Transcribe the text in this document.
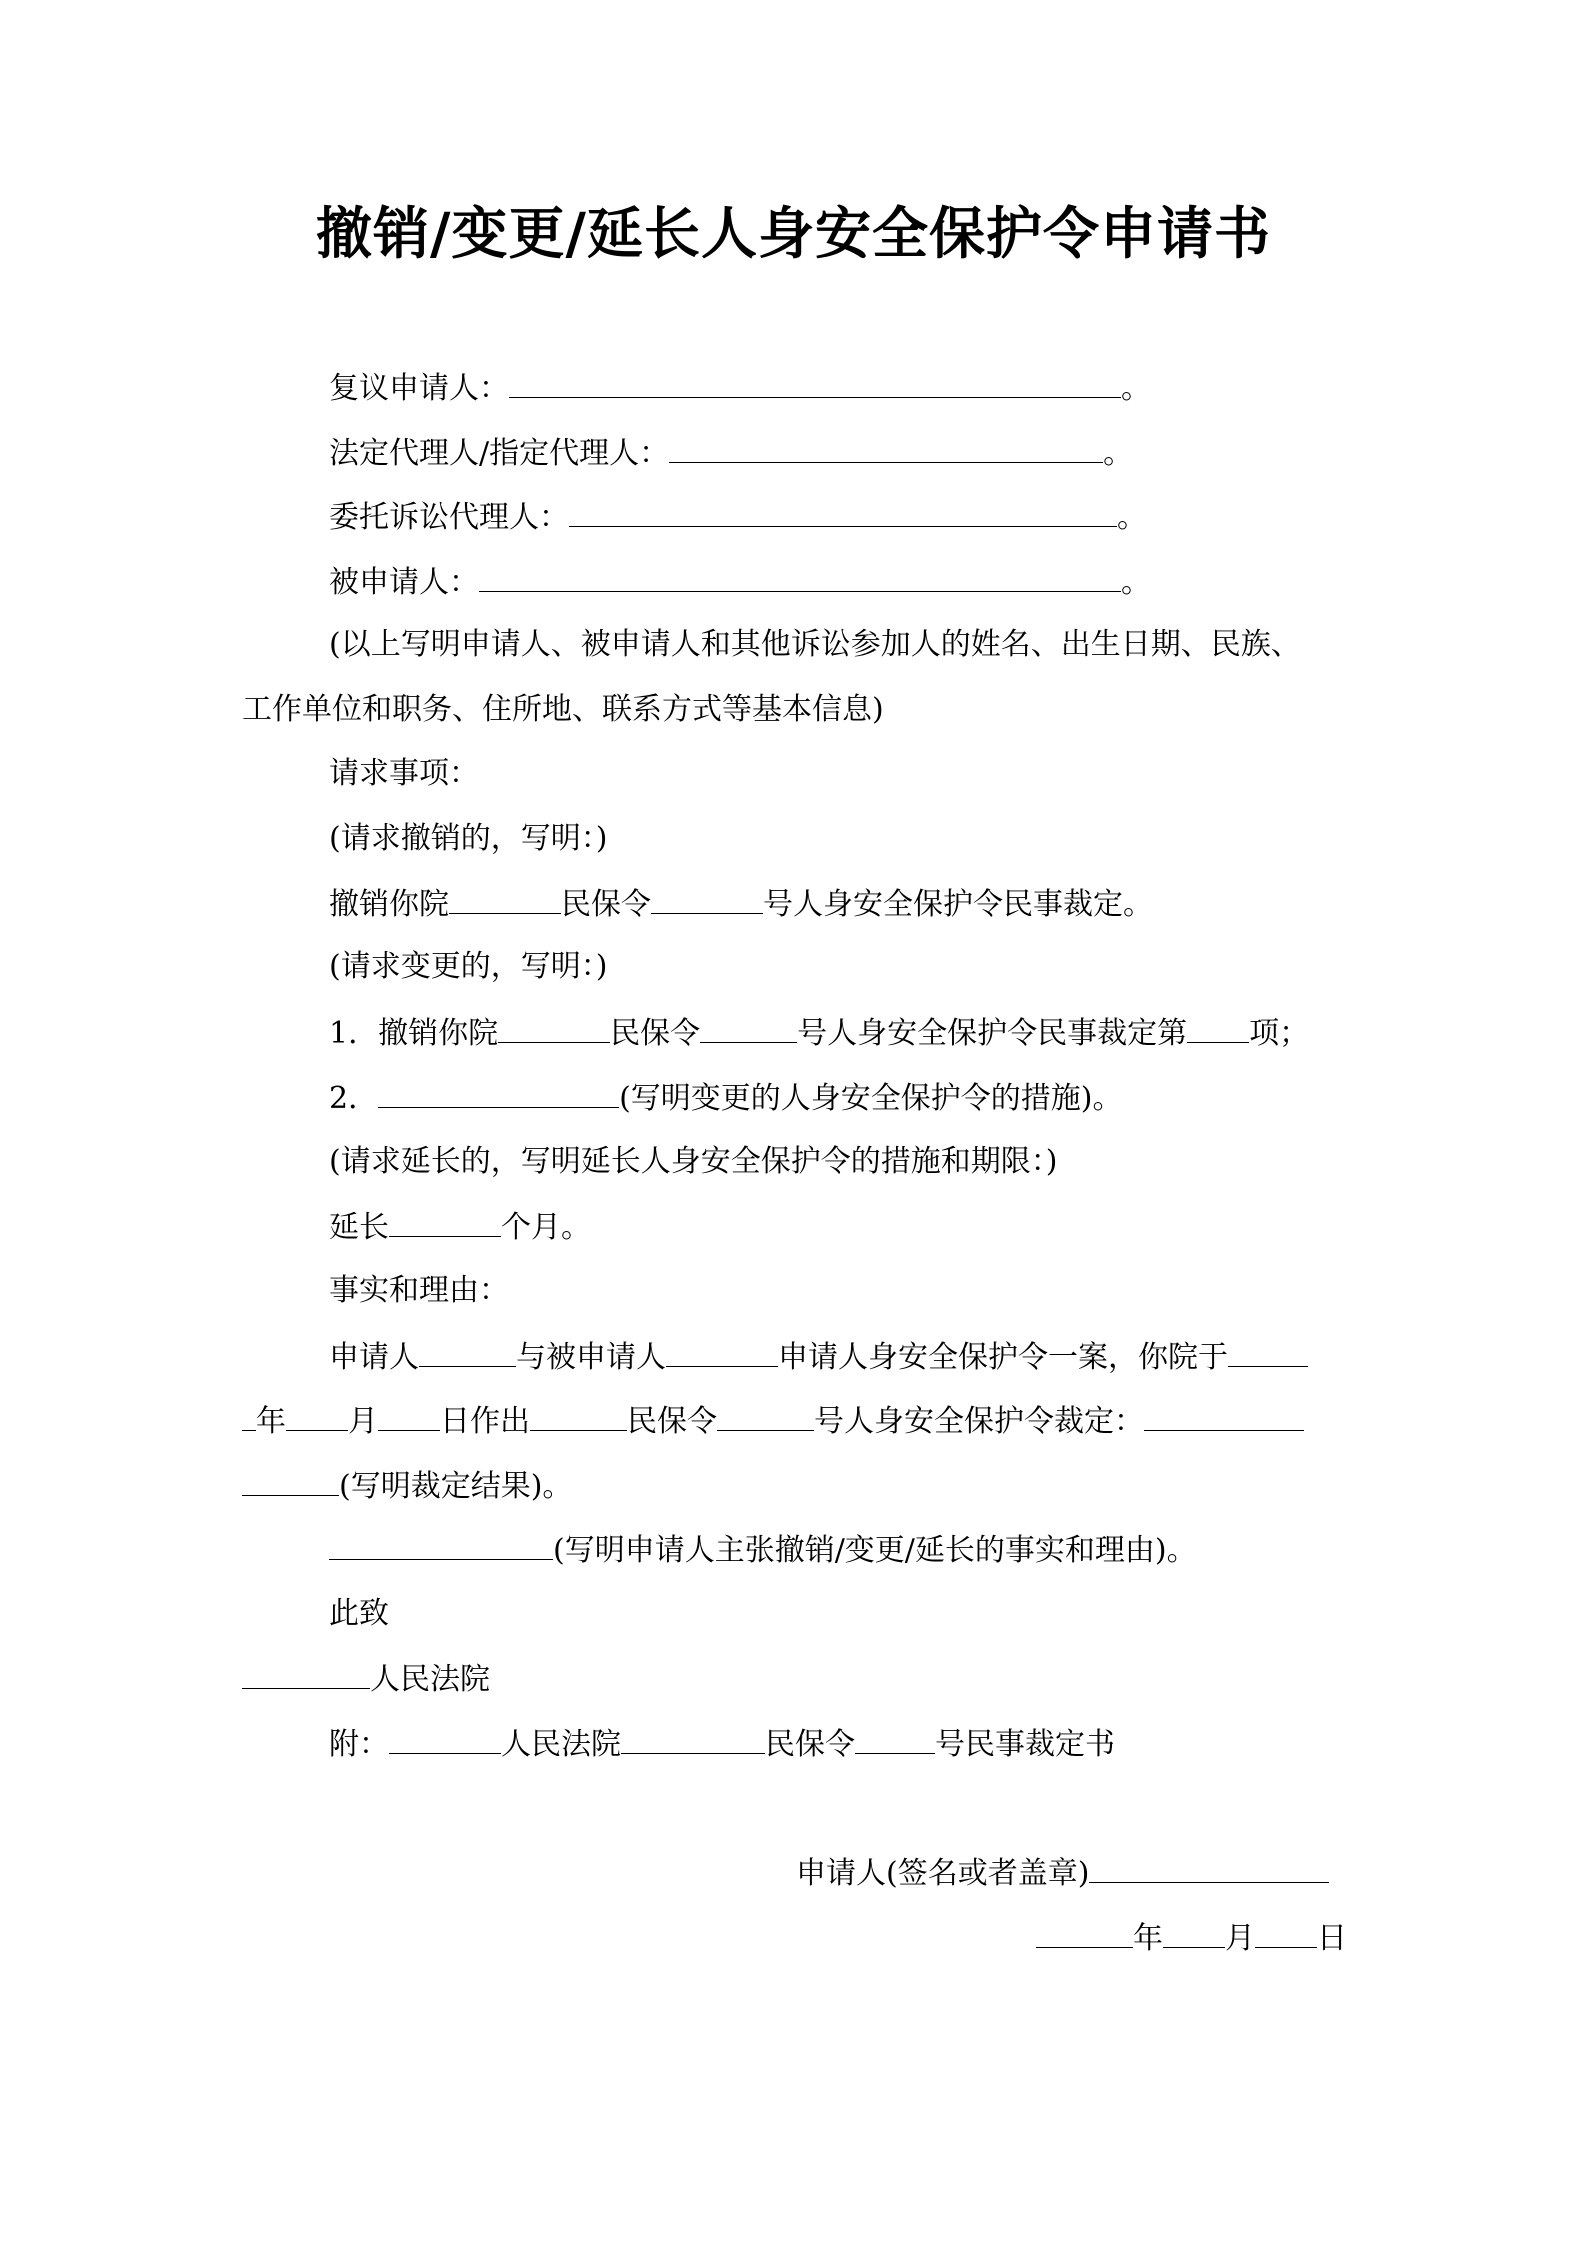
撤销/变更/延长人身安全保护令申请书
复议申请人：	。
法定代理人/指定代理人：	。
委托诉讼代理人：	。
被申请人：	。
(以上写明申请人、被申请人和其他诉讼参加人的姓名、出生日期、民族、
工作单位和职务、住所地、联系方式等基本信息)
请求事项：
(请求撤销的，写明：)
撤销你院	民保令	号人身安全保护令民事裁定。
(请求变更的，写明：)
1．撤销你院	民保令	号人身安全保护令民事裁定第 项；
2．	(写明变更的人身安全保护令的措施)。
(请求延长的，写明延长人身安全保护令的措施和期限：)
延长	个月。
事实和理由：
申请人	与被申请人	申请人身安全保护令一案，你院于
年 月 日作出	民保令	号人身安全保护令裁定：
(写明裁定结果)。
(写明申请人主张撤销/变更/延长的事实和理由)。
此致
人民法院
附：	人民法院	民保令	号民事裁定书
申请人(签名或者盖章)
年 月 日
